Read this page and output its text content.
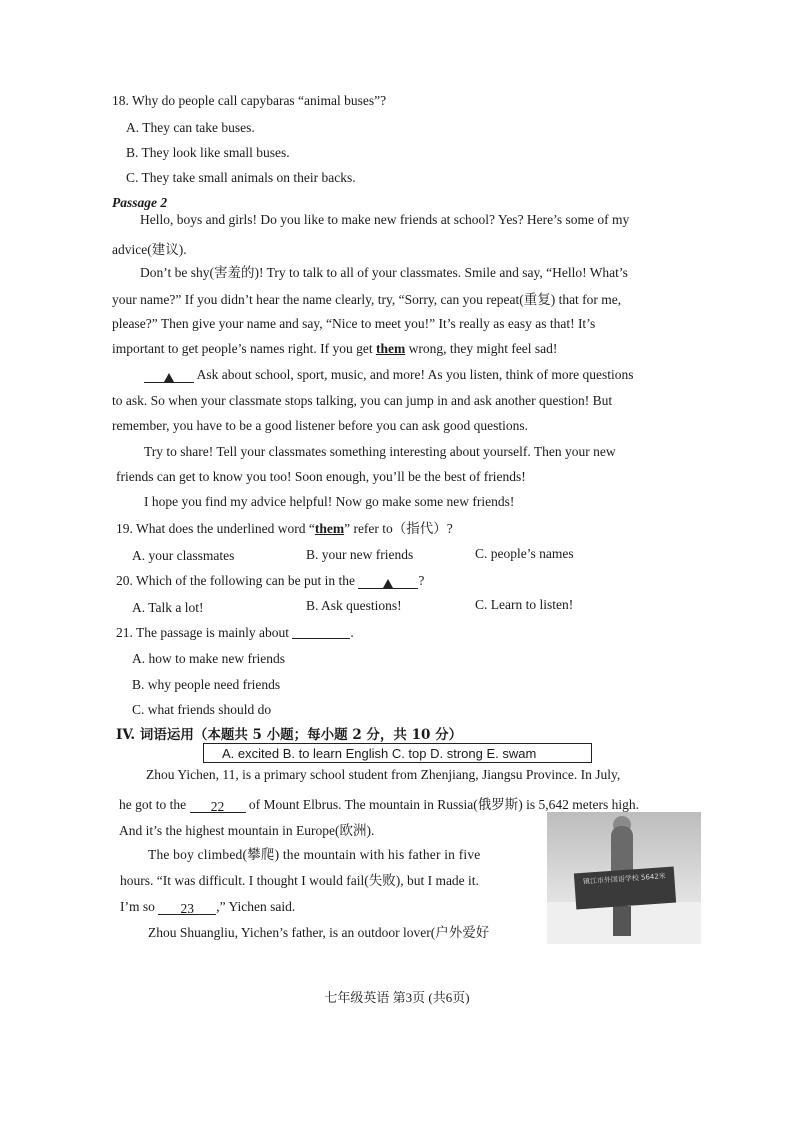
18. Why do people call capybaras “animal buses”?
A. They can take buses.
B. They look like small buses.
C. They take small animals on their backs.
Passage 2
Hello, boys and girls! Do you like to make new friends at school? Yes? Here’s some of my
advice(建议).
Don’t be shy(害羞的)! Try to talk to all of your classmates. Smile and say, “Hello! What’s
your name?” If you didn’t hear the name clearly, try, “Sorry, can you repeat(重复) that for me,
please?” Then give your name and say, “Nice to meet you!” It’s really as easy as that! It’s
important to get people’s names right. If you get them wrong, they might feel sad!
Ask about school, sport, music, and more! As you listen, think of more questions
to ask. So when your classmate stops talking, you can jump in and ask another question! But
remember, you have to be a good listener before you can ask good questions.
Try to share! Tell your classmates something interesting about yourself. Then your new
friends can get to know you too! Soon enough, you’ll be the best of friends!
I hope you find my advice helpful! Now go make some new friends!
19. What does the underlined word “them” refer to（指代）?
A. your classmates	B. your new friends	C. people’s names
20. Which of the following can be put in the	?
A. Talk a lot!	B. Ask questions!	C. Learn to listen!
21. The passage is mainly about	.
A. how to make new friends
B. why people need friends
C. what friends should do
IV. 词语运用（本题共 5 小题；每小题 2 分，共 10 分）
A. excited B. to learn English C. top D. strong E. swam
Zhou Yichen, 11, is a primary school student from Zhenjiang, Jiangsu Province. In July,
he got to the 22 of Mount Elbrus. The mountain in Russia(俄罗斯) is 5,642 meters high.
And it’s the highest mountain in Europe(欧洲).
The boy climbed(攀爬) the mountain with his father in five
hours. “It was difficult. I thought I would fail(失败), but I made it.
I’m so 23 ,” Yichen said.
Zhou Shuangliu, Yichen’s father, is an outdoor lover(户外爱好
镇江市外国语学校 5642米
七年级英语 第3页 (共6页)
